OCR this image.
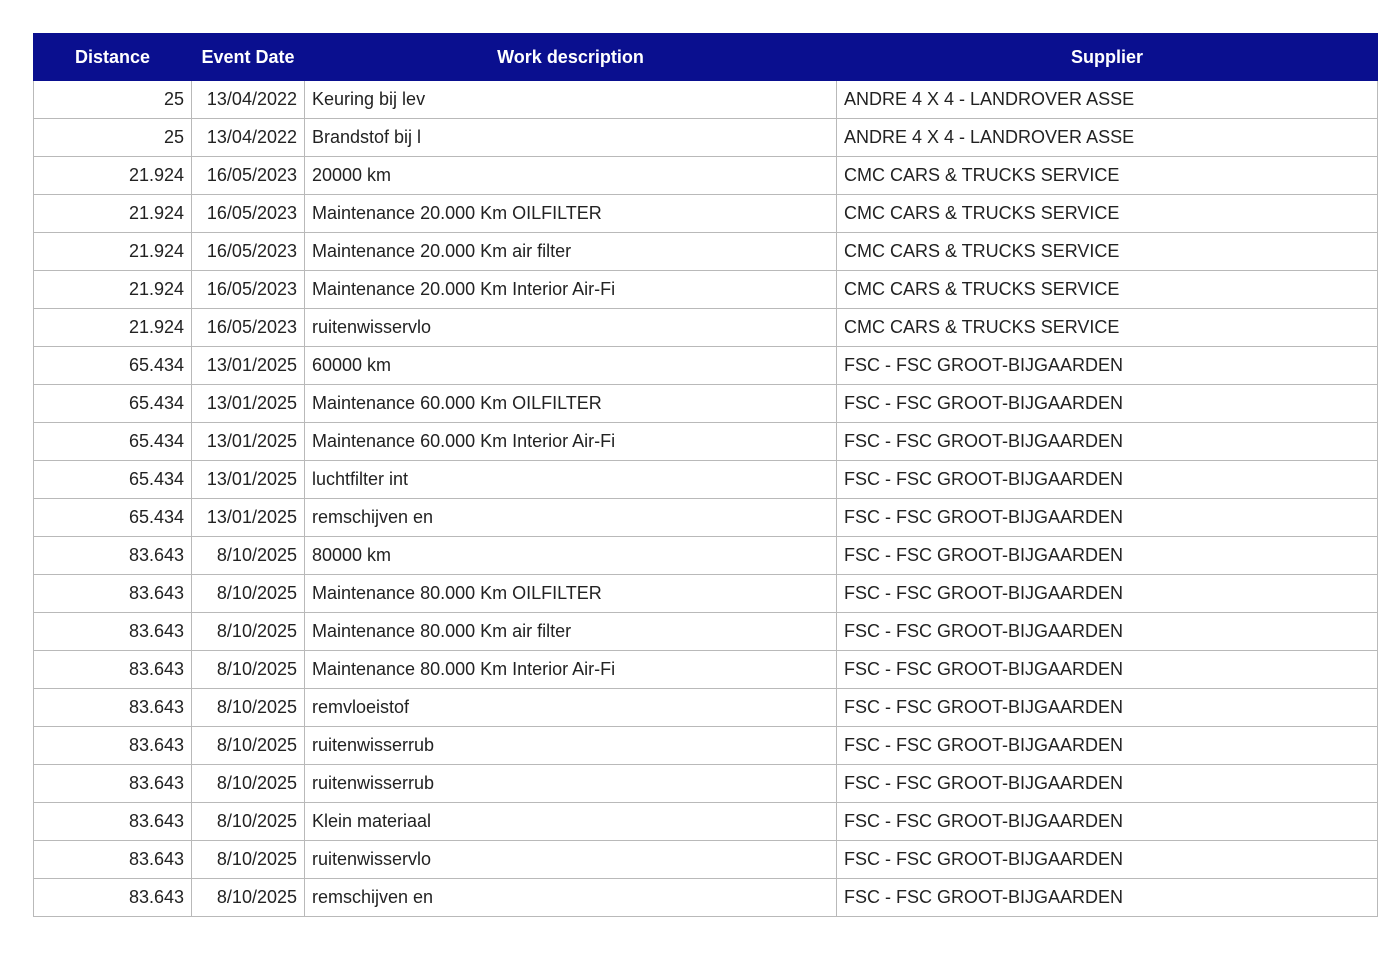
Distance	Event Date	Work description	Supplier
25	13/04/2022	Keuring bij lev	ANDRE 4 X 4 - LANDROVER ASSE
25	13/04/2022	Brandstof bij l	ANDRE 4 X 4 - LANDROVER ASSE
21.924	16/05/2023	20000 km	CMC CARS & TRUCKS SERVICE
21.924	16/05/2023	Maintenance 20.000 Km OILFILTER	CMC CARS & TRUCKS SERVICE
21.924	16/05/2023	Maintenance 20.000 Km air filter	CMC CARS & TRUCKS SERVICE
21.924	16/05/2023	Maintenance 20.000 Km Interior Air-Fi	CMC CARS & TRUCKS SERVICE
21.924	16/05/2023	ruitenwisservlo	CMC CARS & TRUCKS SERVICE
65.434	13/01/2025	60000 km	FSC - FSC GROOT-BIJGAARDEN
65.434	13/01/2025	Maintenance 60.000 Km OILFILTER	FSC - FSC GROOT-BIJGAARDEN
65.434	13/01/2025	Maintenance 60.000 Km Interior Air-Fi	FSC - FSC GROOT-BIJGAARDEN
65.434	13/01/2025	luchtfilter int	FSC - FSC GROOT-BIJGAARDEN
65.434	13/01/2025	remschijven en	FSC - FSC GROOT-BIJGAARDEN
83.643	8/10/2025	80000 km	FSC - FSC GROOT-BIJGAARDEN
83.643	8/10/2025	Maintenance 80.000 Km OILFILTER	FSC - FSC GROOT-BIJGAARDEN
83.643	8/10/2025	Maintenance 80.000 Km air filter	FSC - FSC GROOT-BIJGAARDEN
83.643	8/10/2025	Maintenance 80.000 Km Interior Air-Fi	FSC - FSC GROOT-BIJGAARDEN
83.643	8/10/2025	remvloeistof	FSC - FSC GROOT-BIJGAARDEN
83.643	8/10/2025	ruitenwisserrub	FSC - FSC GROOT-BIJGAARDEN
83.643	8/10/2025	ruitenwisserrub	FSC - FSC GROOT-BIJGAARDEN
83.643	8/10/2025	Klein materiaal	FSC - FSC GROOT-BIJGAARDEN
83.643	8/10/2025	ruitenwisservlo	FSC - FSC GROOT-BIJGAARDEN
83.643	8/10/2025	remschijven en	FSC - FSC GROOT-BIJGAARDEN
